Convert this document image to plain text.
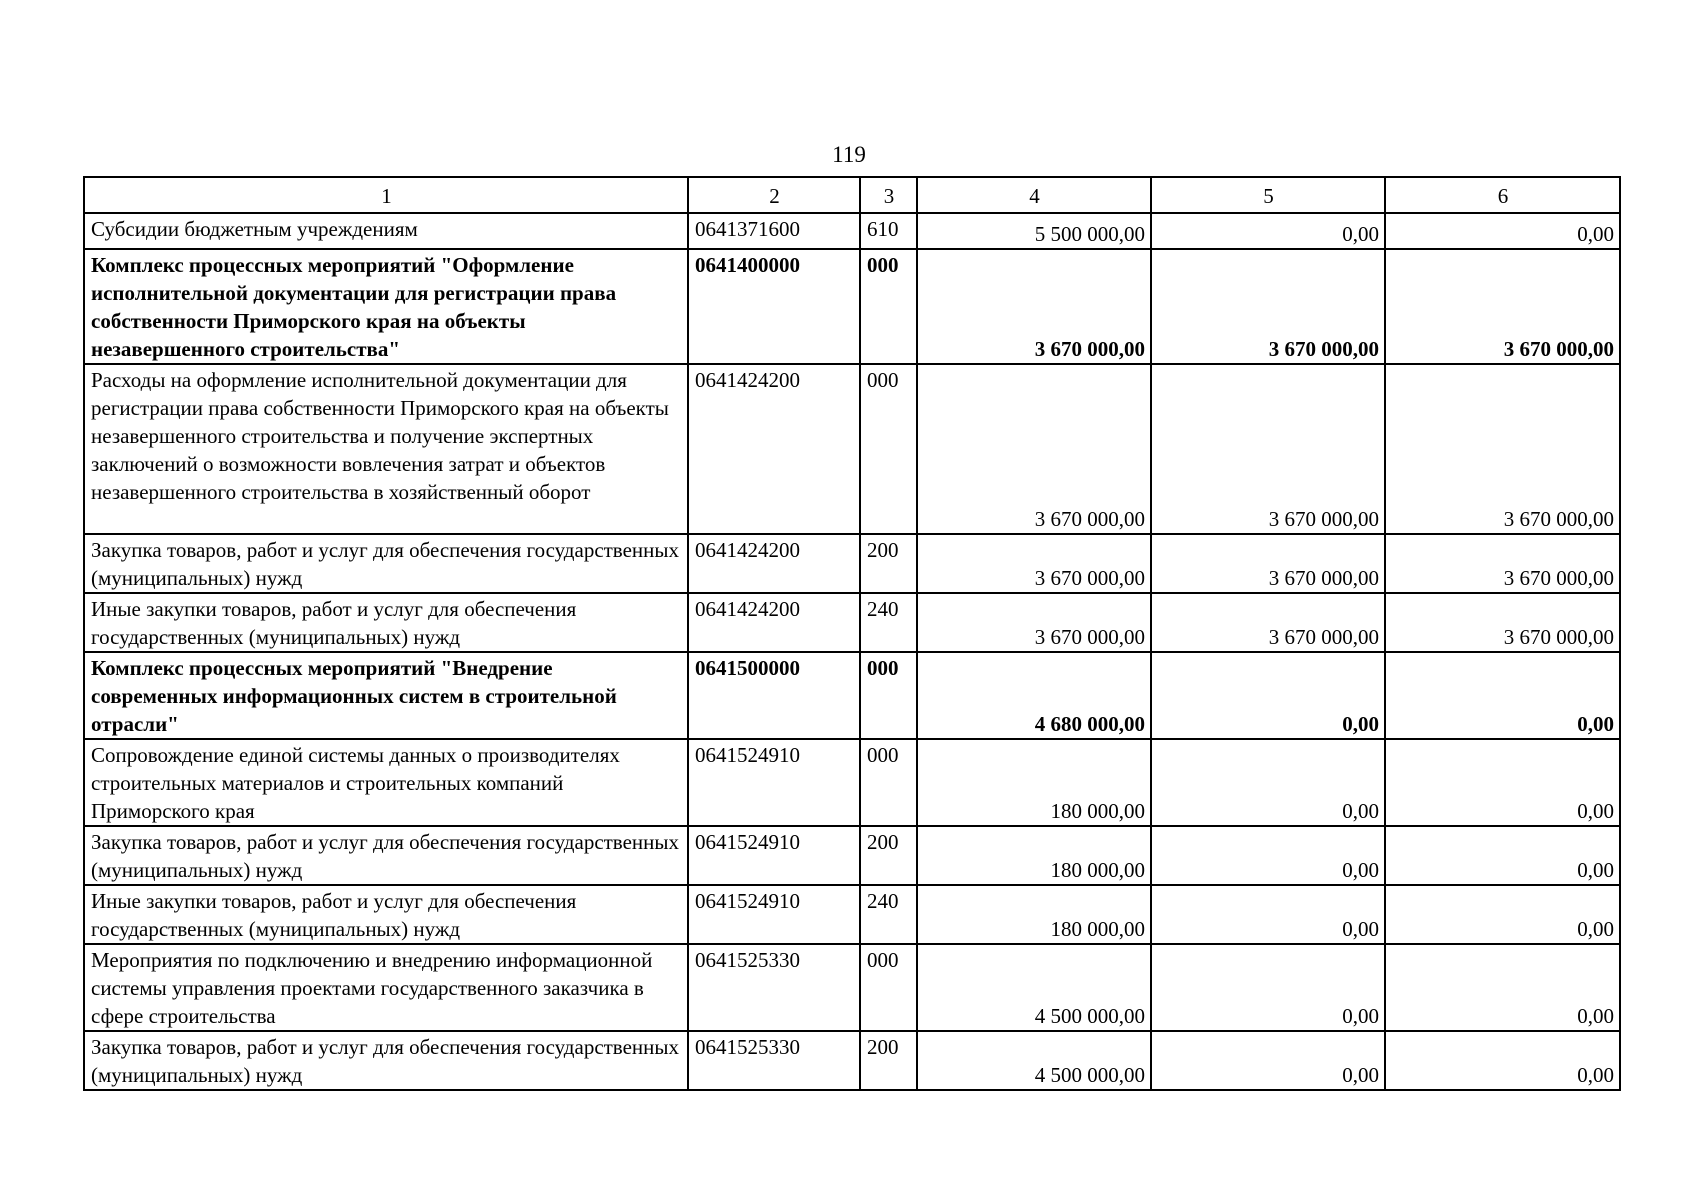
119
1	2	3	4	5	6
Субсидии бюджетным учреждениям	0641371600	610	5 500 000,00	0,00	0,00
Комплекс процессных мероприятий "Оформление исполнительной документации для регистрации права собственности Приморского края на объекты незавершенного строительства"	0641400000	000	3 670 000,00	3 670 000,00	3 670 000,00
Расходы на оформление исполнительной документации для регистрации права собственности Приморского края на объекты незавершенного строительства и получение экспертных заключений о возможности вовлечения затрат и объектов незавершенного строительства в хозяйственный оборот	0641424200	000	3 670 000,00	3 670 000,00	3 670 000,00
Закупка товаров, работ и услуг для обеспечения государственных (муниципальных) нужд	0641424200	200	3 670 000,00	3 670 000,00	3 670 000,00
Иные закупки товаров, работ и услуг для обеспечения государственных (муниципальных) нужд	0641424200	240	3 670 000,00	3 670 000,00	3 670 000,00
Комплекс процессных мероприятий "Внедрение современных информационных систем в строительной отрасли"	0641500000	000	4 680 000,00	0,00	0,00
Сопровождение единой системы данных о производителях строительных материалов и строительных компаний Приморского края	0641524910	000	180 000,00	0,00	0,00
Закупка товаров, работ и услуг для обеспечения государственных (муниципальных) нужд	0641524910	200	180 000,00	0,00	0,00
Иные закупки товаров, работ и услуг для обеспечения государственных (муниципальных) нужд	0641524910	240	180 000,00	0,00	0,00
Мероприятия по подключению и внедрению информационной системы управления проектами государственного заказчика в сфере строительства	0641525330	000	4 500 000,00	0,00	0,00
Закупка товаров, работ и услуг для обеспечения государственных (муниципальных) нужд	0641525330	200	4 500 000,00	0,00	0,00
